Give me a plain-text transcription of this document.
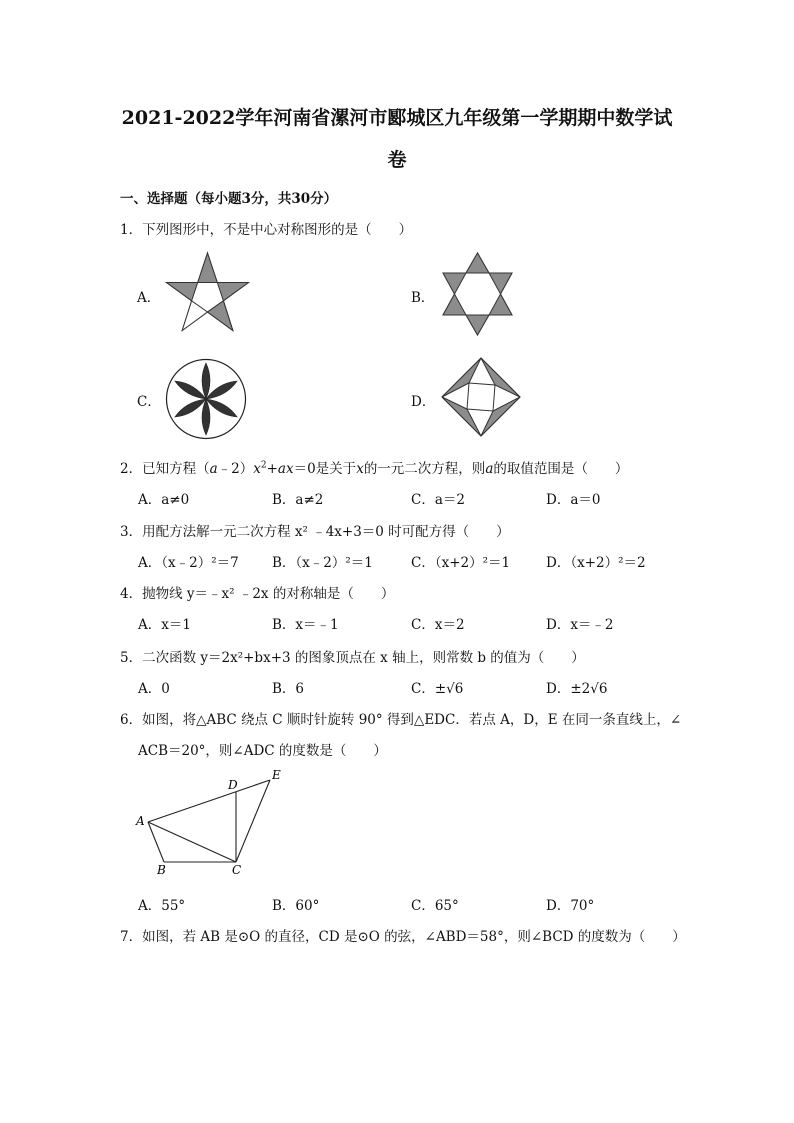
2021-2022学年河南省漯河市郾城区九年级第一学期期中数学试
卷
一、选择题（每小题3分，共30分）
1．下列图形中，不是中心对称图形的是（　　）
A．	B．
C．	D．
2．已知方程$(a﹣2)x^2+ax=0$是关于x的一元二次方程，则a的取值范围是（　　）
A．a≠0	B．a≠2	C．a＝2	D．a＝0
3．用配方法解一元二次方程 x² ﹣4x+3＝0 时可配方得（　　）
A．（x﹣2）²＝7 B．（x﹣2）²＝1	C．（x+2）²＝1	D．（x+2）²＝2
4．抛物线 y＝﹣x² ﹣2x 的对称轴是（　　）
A．x＝1	B．x＝﹣1	C．x＝2	D．x＝﹣2
5．二次函数 y＝2x²+bx+3 的图象顶点在 x 轴上，则常数 b 的值为（　　）
A．0	B．6	C．±√6	D．±2√6
6．如图，将△ABC 绕点 C 顺时针旋转 90° 得到△EDC．若点 A，D，E 在同一条直线上，∠
ACB＝20°，则∠ADC 的度数是（　　）
A
B	C
D
E
A．55°	B．60°	C．65°	D．70°
7．如图，若 AB 是⊙O 的直径，CD 是⊙O 的弦，∠ABD＝58°，则∠BCD 的度数为（　　）
